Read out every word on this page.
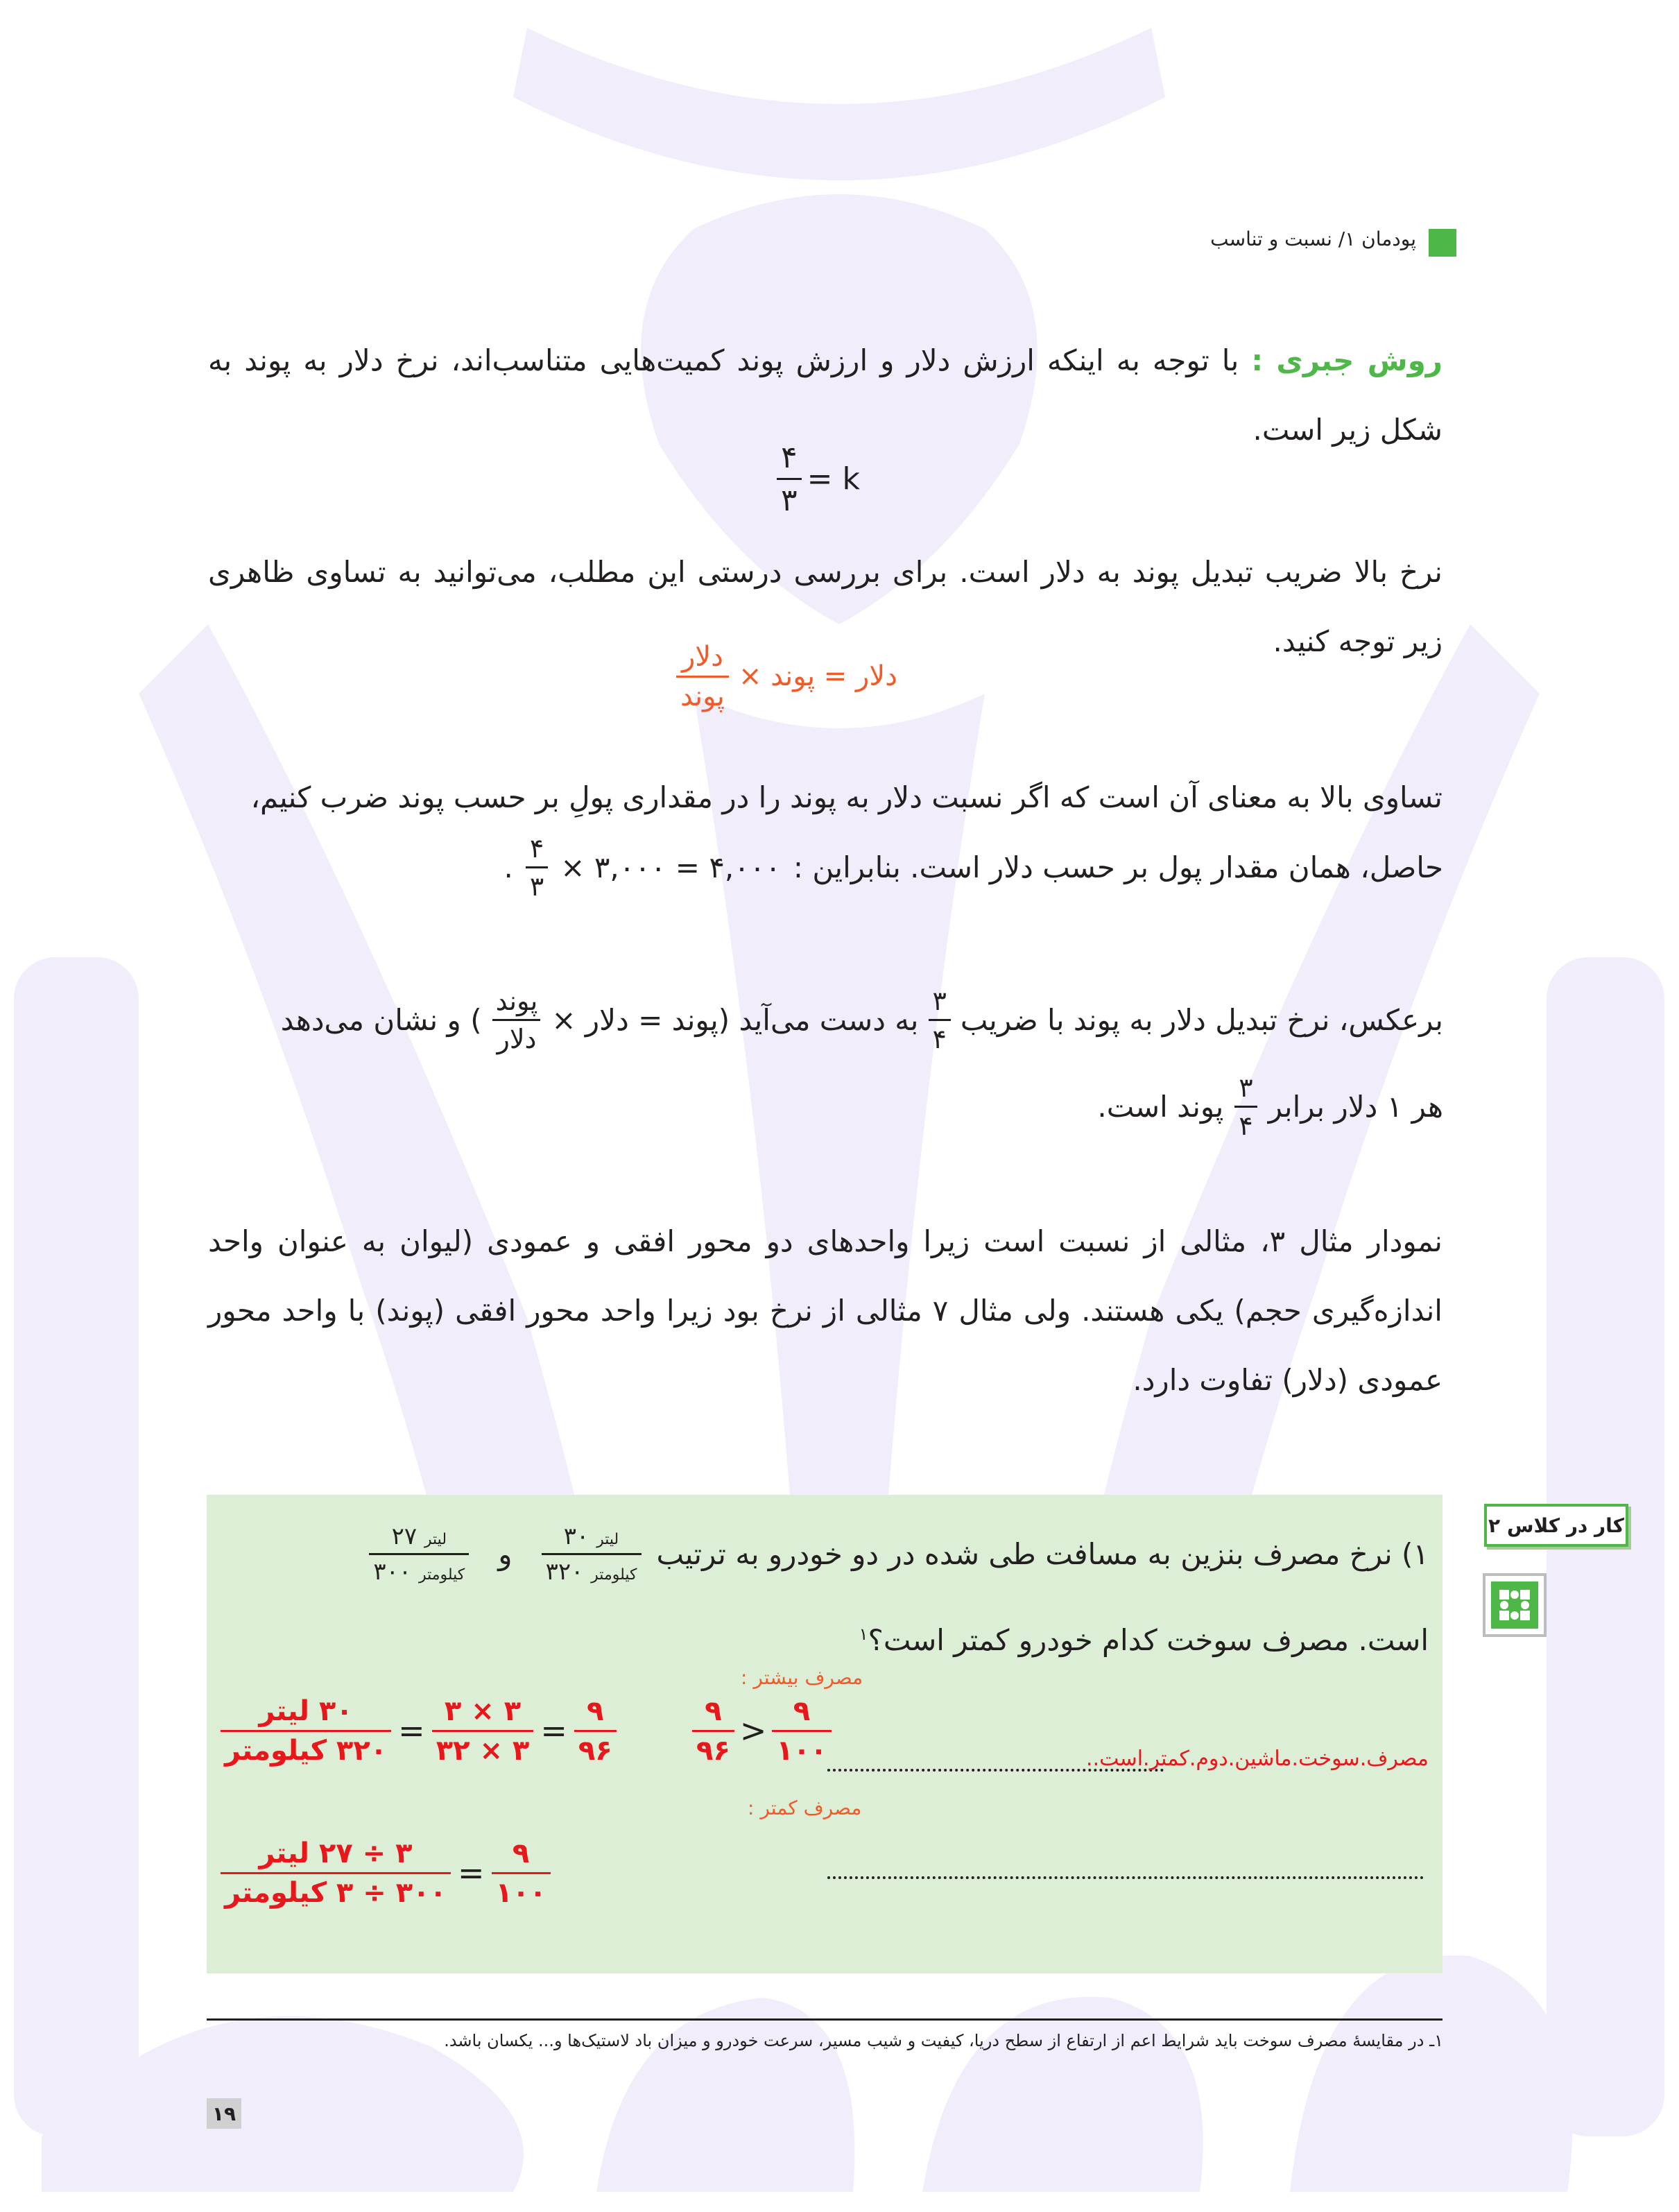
پودمان ۱/ نسبت و تناسب
روش جبری : با توجه به اینکه ارزش دلار و ارزش پوند کمیت‌هایی متناسب‌اند، نرخ دلار به پوند به شکل زیر است.
$\frac{۴}{۳} = k$
نرخ بالا ضریب تبدیل پوند به دلار است. برای بررسی درستی این مطلب، می‌توانید به تساوی ظاهری زیر توجه کنید.
$\frac{\text{دلار}}{\text{پوند}}$ دلار = پوند ×
تساوی بالا به معنای آن است که اگر نسبت دلار به پوند را در مقداری پولِ بر حسب پوند ضرب کنیم،
حاصل، همان مقدار پول بر حسب دلار است. بنابراین :
۴,۰۰۰ = ۳,۰۰۰ ×
$\frac{۴}{۳}$
.
برعکس، نرخ تبدیل دلار به پوند با ضریب
$\frac{۳}{۴}$
به دست می‌آید (پوند = دلار ×
$\frac{\text{پوند}}{\text{دلار}}$
) و نشان می‌دهد
هر ۱ دلار برابر
$\frac{۳}{۴}$
پوند است.
نمودار مثال ۳، مثالی از نسبت است زیرا واحدهای دو محور افقی و عمودی (لیوان به عنوان واحد اندازه‌گیری حجم) یکی هستند. ولی مثال ۷ مثالی از نرخ بود زیرا واحد محور افقی (پوند) با واحد محور عمودی (دلار) تفاوت دارد.
کار در کلاس ۲
۱) نرخ مصرف بنزین به مسافت طی شده در دو خودرو به ترتیب
$\frac{\text{لیتر ۳۰}}{\text{کیلومتر ۳۲۰}}$
و
$\frac{\text{لیتر ۲۷}}{\text{کیلومتر ۳۰۰}}$
است. مصرف سوخت کدام خودرو کمتر است؟$^۱$
مصرف بیشتر :
مصرف کمتر :
$\frac{\text{۳۰ لیتر}}{\text{۳۲۰ کیلومتر}} = \frac{۳ \times ۳}{۳۲ \times ۳} = \frac{۹}{۹۶}$	$\frac{۹}{۹۶} > \frac{۹}{۱۰۰}$	مصرف.سوخت.ماشین.دوم.کمتر.است..
$\frac{\text{۳ ÷ ۲۷ لیتر}}{\text{۳۰۰ ÷ ۳ کیلومتر}} = \frac{۹}{۱۰۰}$
۱ـ در مقایسهٔ مصرف سوخت باید شرایط اعم از ارتفاع از سطح دریا، کیفیت و شیب مسیر، سرعت خودرو و میزان باد لاستیک‌ها و... یکسان باشد.
۱۹
